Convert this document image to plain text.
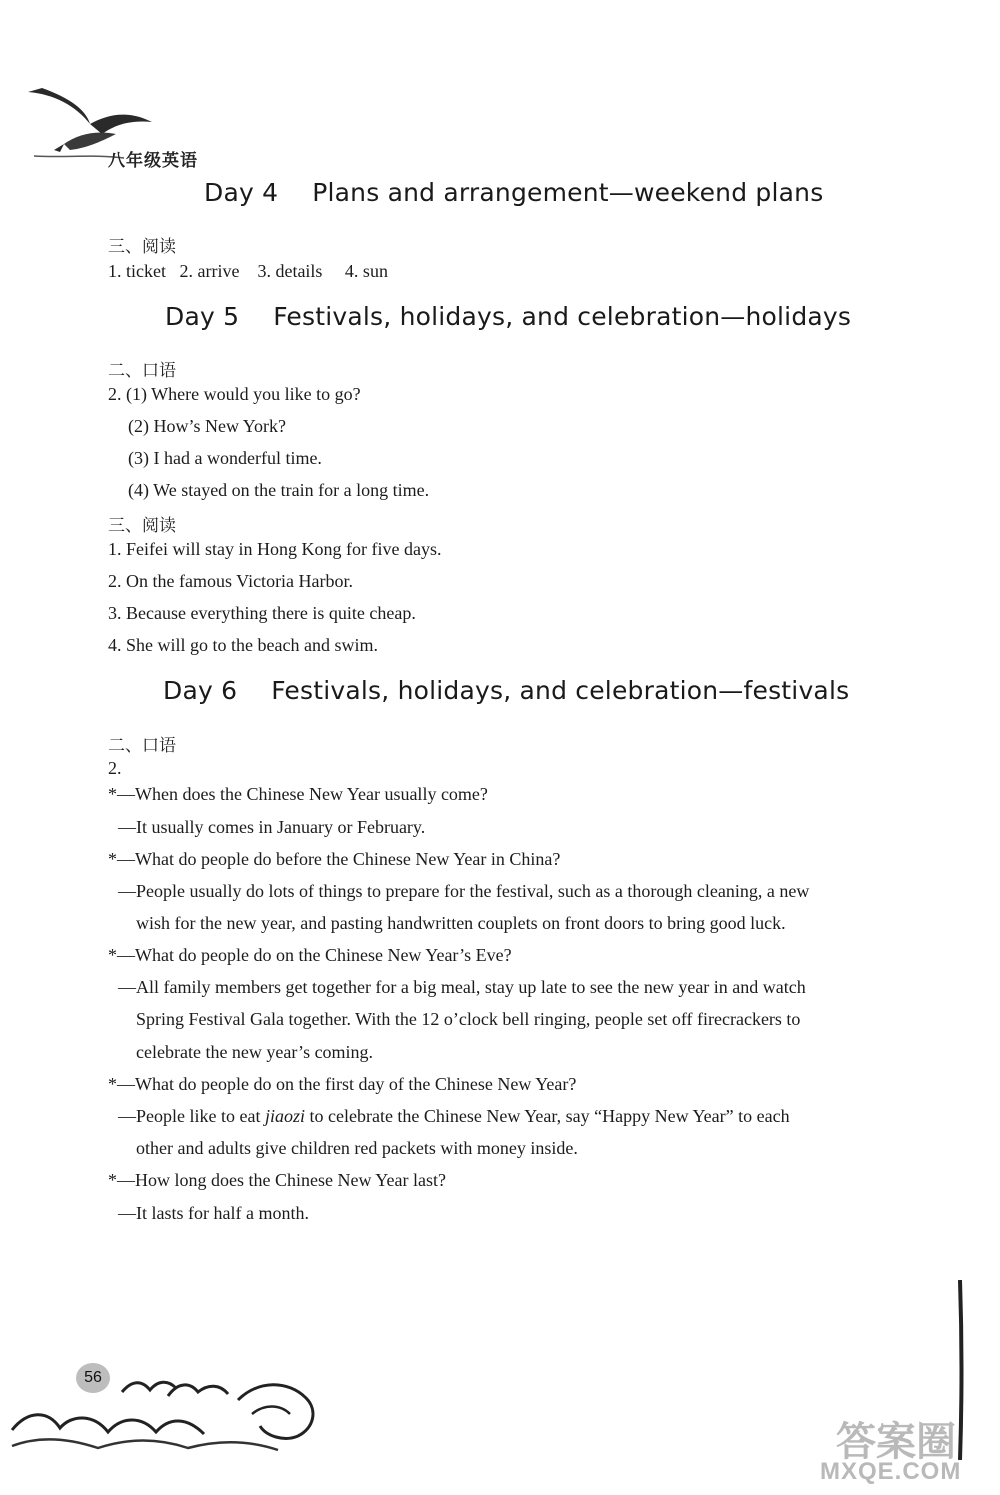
八年级英语
Day 4 Plans and arrangement—weekend plans
三、阅读
1. ticket   2. arrive    3. details     4. sun
Day 5 Festivals, holidays, and celebration—holidays
二、口语
2. (1) Where would you like to go?
(2) How’s New York?
(3) I had a wonderful time.
(4) We stayed on the train for a long time.
三、阅读
1. Feifei will stay in Hong Kong for five days.
2. On the famous Victoria Harbor.
3. Because everything there is quite cheap.
4. She will go to the beach and swim.
Day 6 Festivals, holidays, and celebration—festivals
二、口语
2.
*—When does the Chinese New Year usually come?
—It usually comes in January or February.
*—What do people do before the Chinese New Year in China?
—People usually do lots of things to prepare for the festival, such as a thorough cleaning, a new
wish for the new year, and pasting handwritten couplets on front doors to bring good luck.
*—What do people do on the Chinese New Year’s Eve?
—All family members get together for a big meal, stay up late to see the new year in and watch
Spring Festival Gala together. With the 12 o’clock bell ringing, people set off firecrackers to
celebrate the new year’s coming.
*—What do people do on the first day of the Chinese New Year?
—People like to eat jiaozi to celebrate the Chinese New Year, say “Happy New Year” to each
other and adults give children red packets with money inside.
*—How long does the Chinese New Year last?
—It lasts for half a month.
56
答案圈
MXQE.COM
